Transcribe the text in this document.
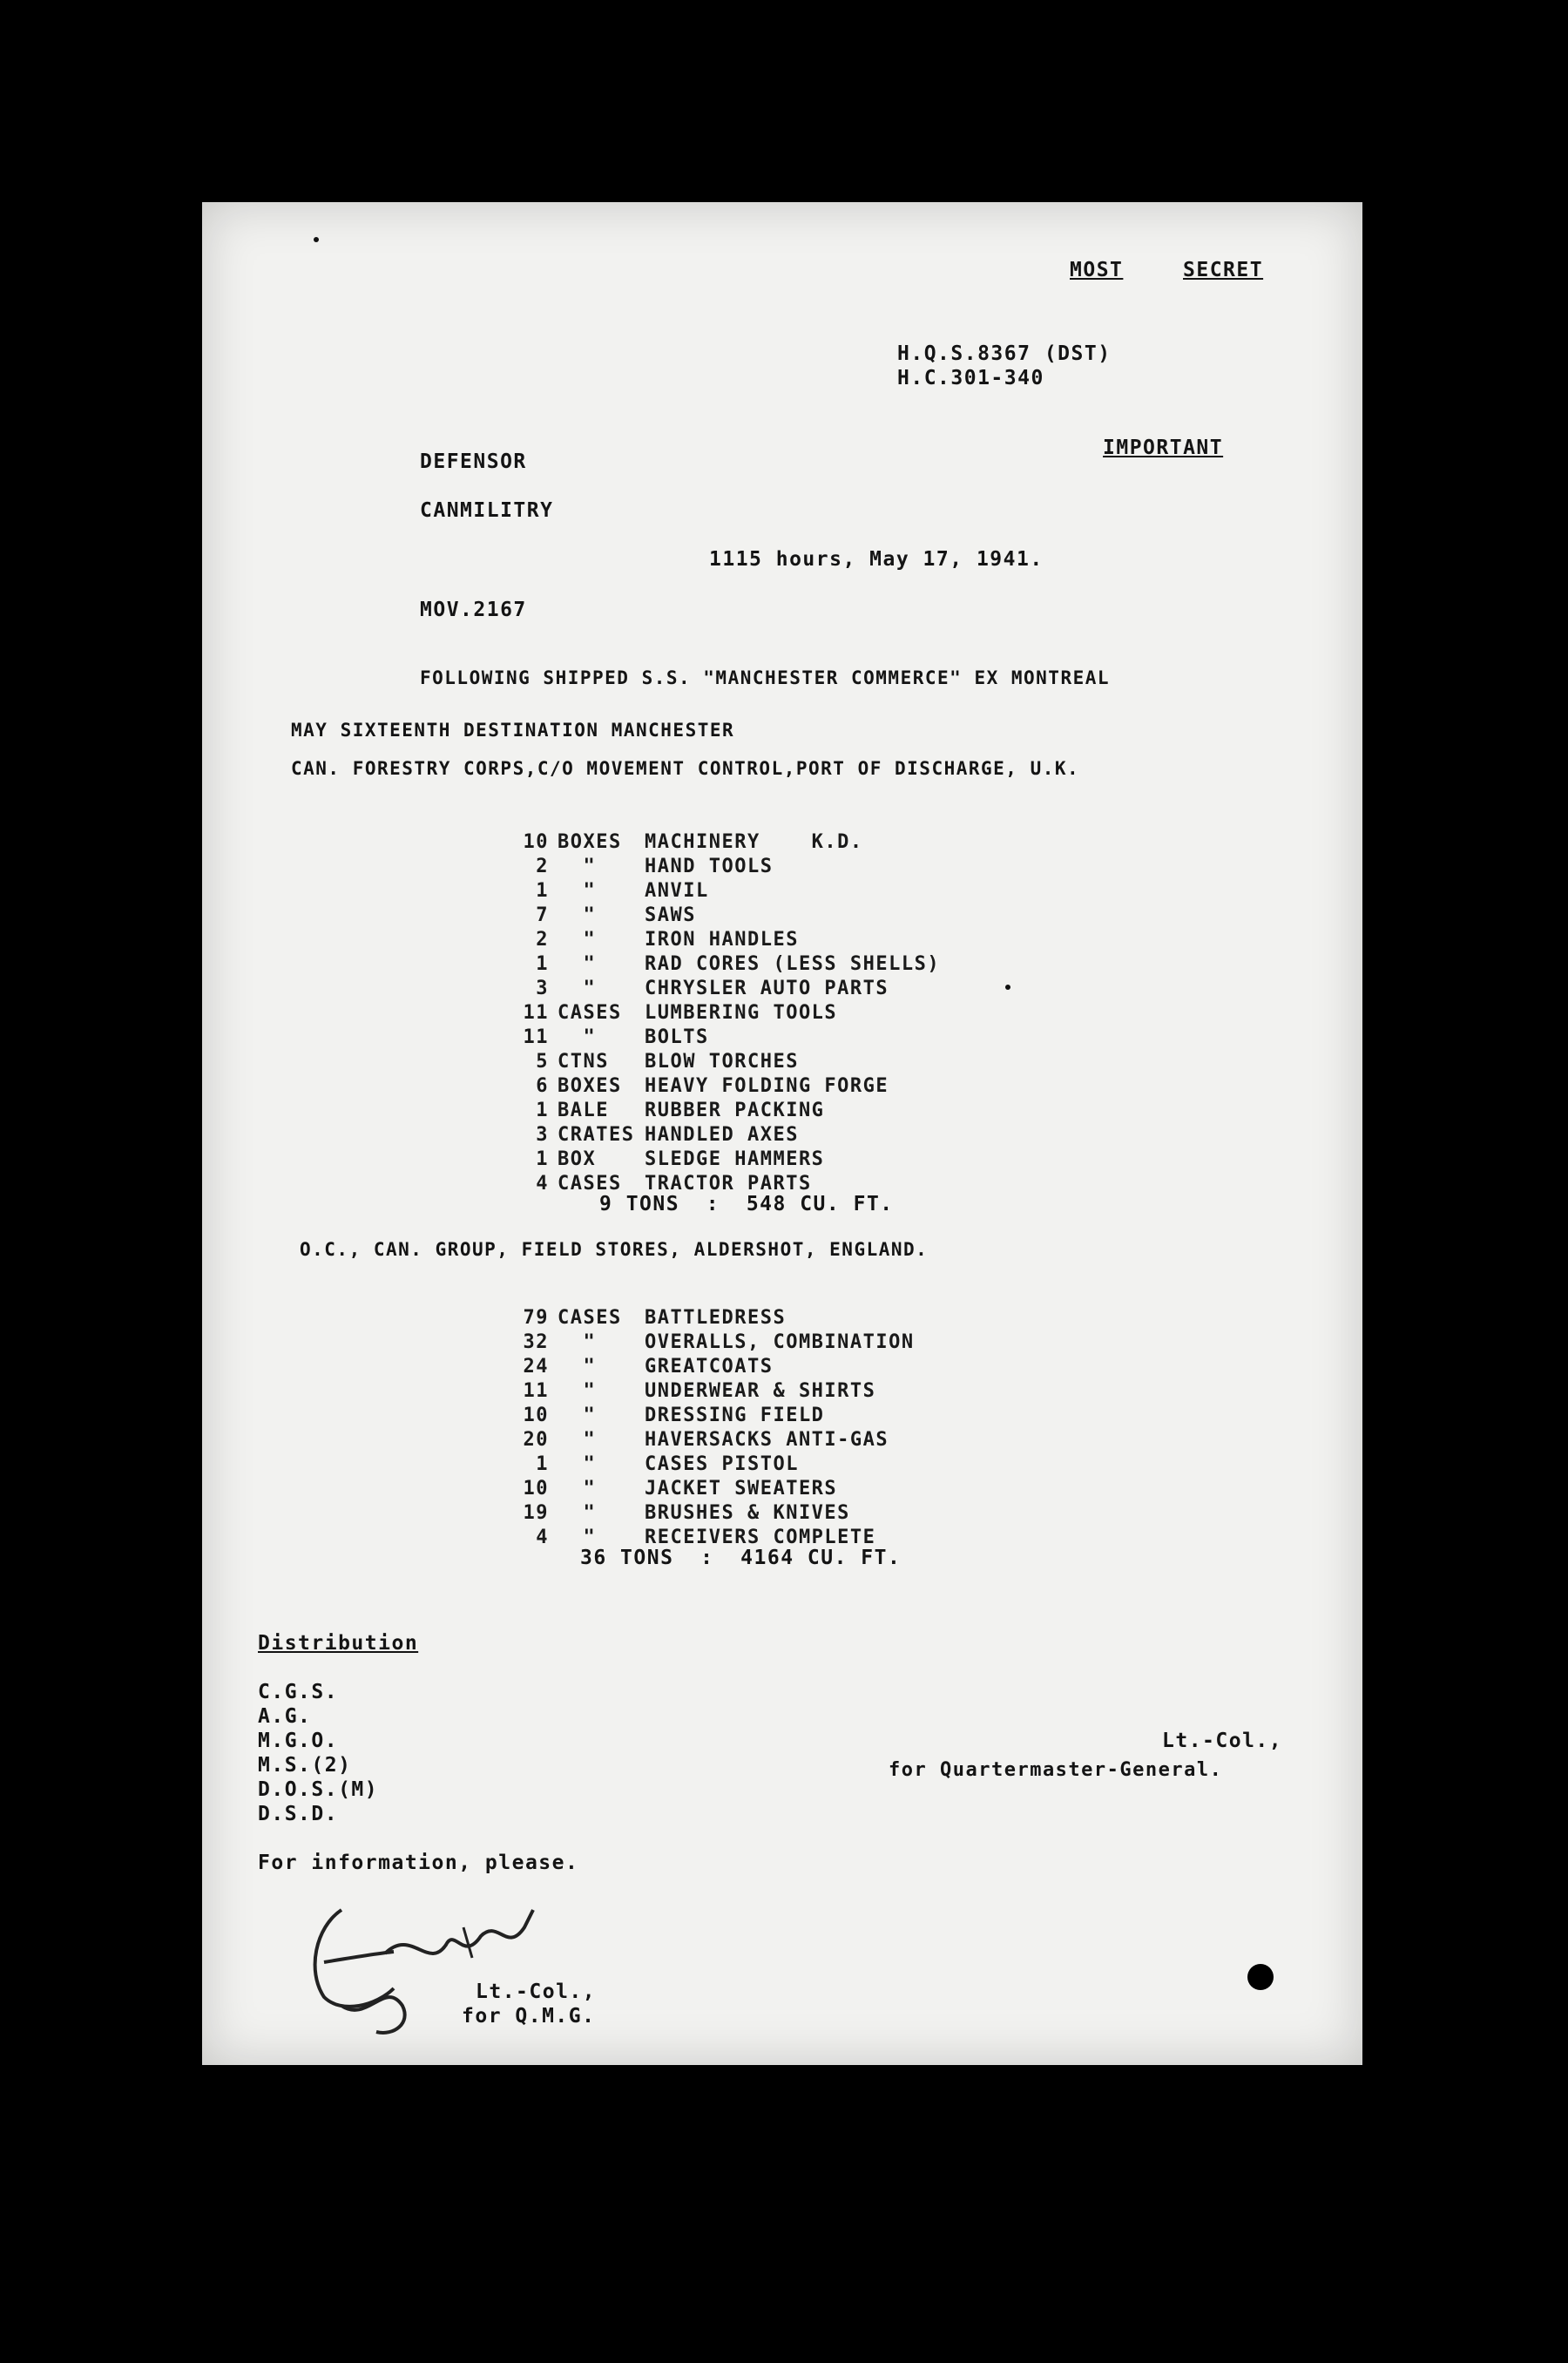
MOST	SECRET
H.Q.S.8367 (DST)
H.C.301-340
IMPORTANT
DEFENSOR
CANMILITRY
1115 hours, May 17, 1941.
MOV.2167
FOLLOWING SHIPPED S.S. "MANCHESTER COMMERCE" EX MONTREAL
MAY SIXTEENTH DESTINATION MANCHESTER
CAN. FORESTRY CORPS,C/O MOVEMENT CONTROL,PORT OF DISCHARGE, U.K.

10 BOXES MACHINERY    K.D.

2 "	HAND TOOLS

1 "	ANVIL

7 "	SAWS

2 "	IRON HANDLES

1 "	RAD CORES (LESS SHELLS)

3 "	CHRYSLER AUTO PARTS

11 CASES LUMBERING TOOLS

11 "	BOLTS

5 CTNS BLOW TORCHES

6 BOXES HEAVY FOLDING FORGE

1 BALE RUBBER PACKING

3 CRATES HANDLED AXES

1 BOX	SLEDGE HAMMERS

4 CASES TRACTOR PARTS

9 TONS  :  548 CU. FT.
O.C., CAN. GROUP, FIELD STORES, ALDERSHOT, ENGLAND.

79 CASES BATTLEDRESS

32 "	OVERALLS, COMBINATION

24 "	GREATCOATS

11 "	UNDERWEAR & SHIRTS

10 "	DRESSING FIELD

20 "	HAVERSACKS ANTI-GAS

1 "	CASES PISTOL

10 "	JACKET SWEATERS

19 "	BRUSHES & KNIVES

4 "	RECEIVERS COMPLETE

36 TONS  :  4164 CU. FT.
Distribution
C.G.S.
A.G.
M.G.O.
M.S.(2)
D.O.S.(M)
D.S.D.
Lt.-Col.,
for Quartermaster-General.
For information, please.
Lt.-Col.,
for Q.M.G.
